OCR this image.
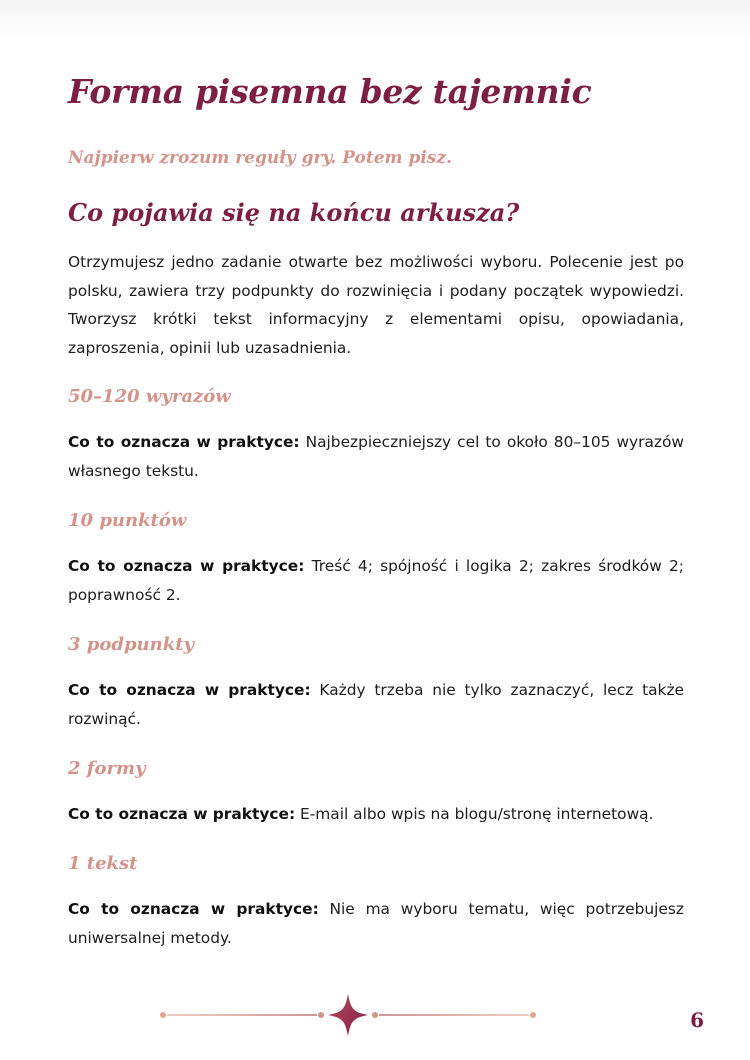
Forma pisemna bez tajemnic
Najpierw zrozum reguły gry. Potem pisz.
Co pojawia się na końcu arkusza?

Otrzymujesz jedno zadanie otwarte bez możliwości wyboru. Polecenie jest po polsku, zawiera trzy podpunkty do rozwinięcia i podany początek wypowiedzi. Tworzysz krótki tekst informacyjny z elementami opisu, opowiadania, zaproszenia, opinii lub uzasadnienia.

50–120 wyrazów

Co to oznacza w praktyce: Najbezpieczniejszy cel to około 80–105 wyrazów własnego tekstu.

10 punktów

Co to oznacza w praktyce: Treść 4; spójność i logika 2; zakres środków 2; poprawność 2.

3 podpunkty

Co to oznacza w praktyce: Każdy trzeba nie tylko zaznaczyć, lecz także rozwinąć.

2 formy

Co to oznacza w praktyce: E-mail albo wpis na blogu/stronę internetową.

1 tekst

Co to oznacza w praktyce: Nie ma wyboru tematu, więc potrzebujesz uniwersalnej metody.

6
